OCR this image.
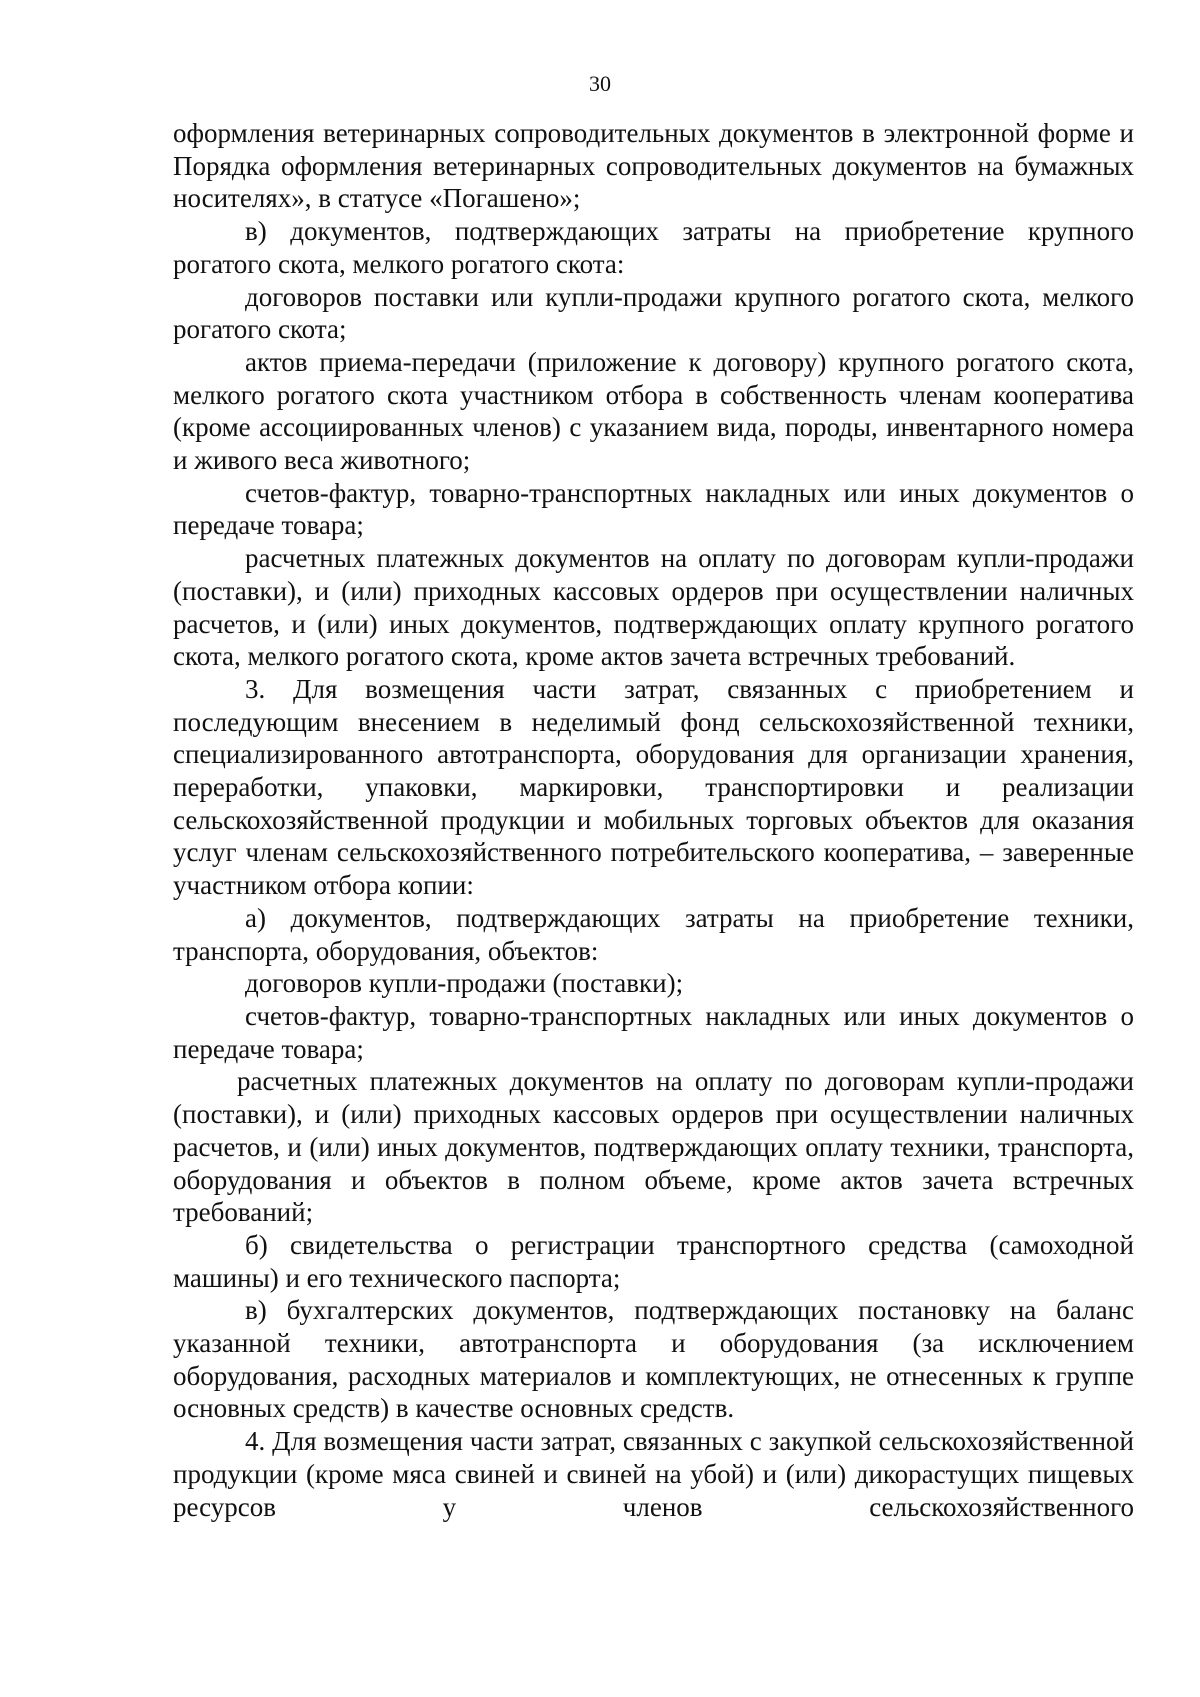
30

оформления ветеринарных сопроводительных документов в электронной форме и Порядка оформления ветеринарных сопроводительных документов на бумажных носителях», в статусе «Погашено»;

в) документов, подтверждающих затраты на приобретение крупного рогатого скота, мелкого рогатого скота:

договоров поставки или купли-продажи крупного рогатого скота, мелкого рогатого скота;

актов приема-передачи (приложение к договору) крупного рогатого скота, мелкого рогатого скота участником отбора в собственность членам кооператива (кроме ассоциированных членов) с указанием вида, породы, инвентарного номера и живого веса животного;

счетов-фактур, товарно-транспортных накладных или иных документов о передаче товара;

расчетных платежных документов на оплату по договорам купли-продажи (поставки), и (или) приходных кассовых ордеров при осуществлении наличных расчетов, и (или) иных документов, подтверждающих оплату крупного рогатого скота, мелкого рогатого скота, кроме актов зачета встречных требований.

3. Для возмещения части затрат, связанных с приобретением и последующим внесением в неделимый фонд сельскохозяйственной техники, специализированного автотранспорта, оборудования для организации хранения, переработки, упаковки, маркировки, транспортировки и реализации сельскохозяйственной продукции и мобильных торговых объектов для оказания услуг членам сельскохозяйственного потребительского кооператива, – заверенные участником отбора копии:

а) документов, подтверждающих затраты на приобретение техники, транспорта, оборудования, объектов:

договоров купли-продажи (поставки);

счетов-фактур, товарно-транспортных накладных или иных документов о передаче товара;

расчетных платежных документов на оплату по договорам купли-продажи (поставки), и (или) приходных кассовых ордеров при осуществлении наличных расчетов, и (или) иных документов, подтверждающих оплату техники, транспорта, оборудования и объектов в полном объеме, кроме актов зачета встречных требований;

б) свидетельства о регистрации транспортного средства (самоходной машины) и его технического паспорта;

в) бухгалтерских документов, подтверждающих постановку на баланс указанной техники, автотранспорта и оборудования (за исключением оборудования, расходных материалов и комплектующих, не отнесенных к группе основных средств) в качестве основных средств.

4. Для возмещения части затрат, связанных с закупкой сельскохозяйственной продукции (кроме мяса свиней и свиней на убой) и (или) дикорастущих пищевых ресурсов у членов сельскохозяйственного
